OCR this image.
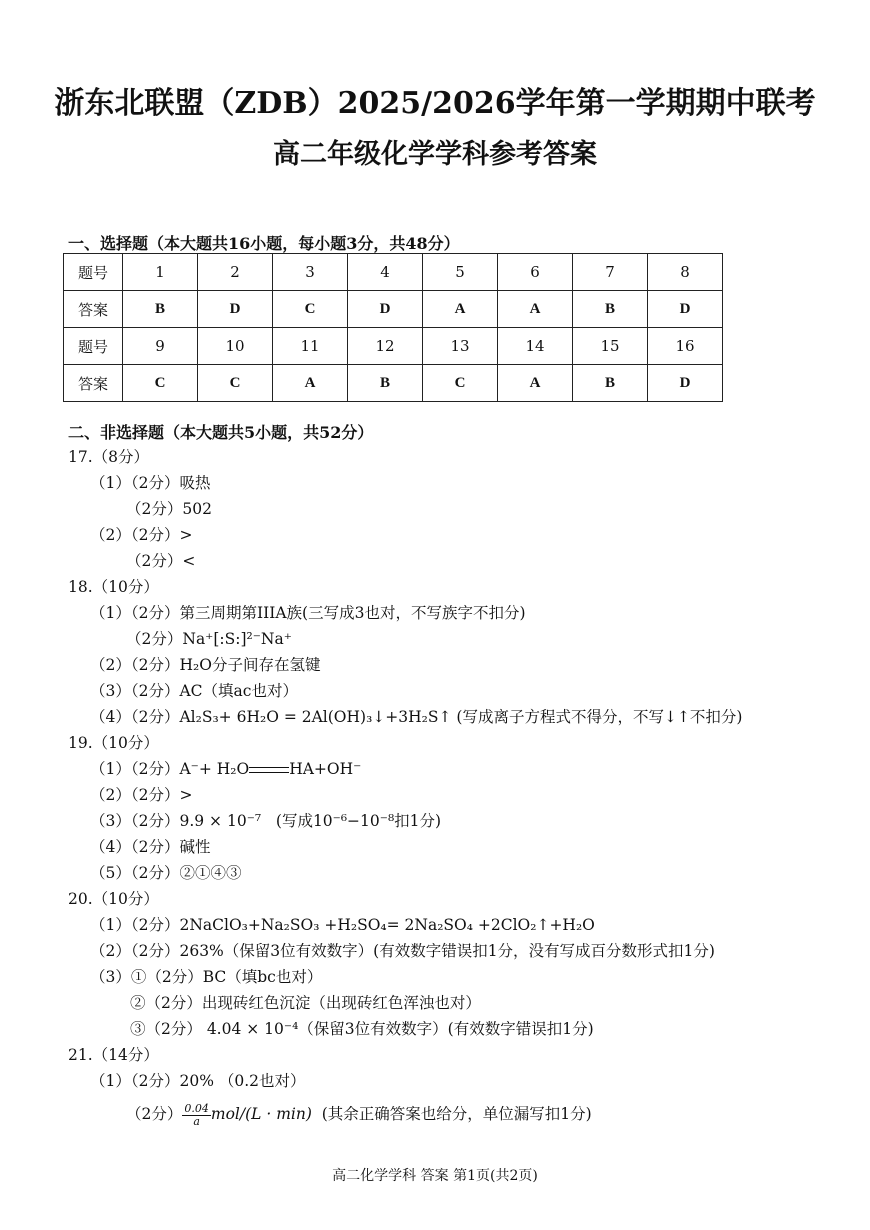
浙东北联盟（ZDB）2025/2026学年第一学期期中联考
高二年级化学学科参考答案
一、选择题（本大题共16小题，每小题3分，共48分）
题号	1	2	3	4	5	6	7	8
答案	B	D	C	D	A	A	B	D
题号	9	10	11	12	13	14	15	16
答案	C	C	A	B	C	A	B	D
二、非选择题（本大题共5小题，共52分）
17.（8分）
（1）（2分）吸热
（2分）502
（2）（2分）>
（2分）<
18.（10分）
（1）（2分）第三周期第IIIA族(三写成3也对，不写族字不扣分)
（2分）Na⁺[:S:]²⁻Na⁺
（2）（2分）H₂O分子间存在氢键
（3）（2分）AC（填ac也对）
（4）（2分）Al₂S₃+ 6H₂O = 2Al(OH)₃↓+3H₂S↑ (写成离子方程式不得分，不写↓↑不扣分)
19.（10分）
（1）（2分）A⁻+ H₂O	HA+OH⁻
（2）（2分）>
（3）（2分）9.9 × 10⁻⁷ (写成10⁻⁶−10⁻⁸扣1分)
（4）（2分）碱性
（5）（2分）②①④③
20.（10分）
（1）（2分）2NaClO₃+Na₂SO₃ +H₂SO₄= 2Na₂SO₄ +2ClO₂↑+H₂O
（2）（2分）263%（保留3位有效数字）(有效数字错误扣1分，没有写成百分数形式扣1分)
（3）①（2分）BC（填bc也对）
②（2分）出现砖红色沉淀（出现砖红色浑浊也对）
③（2分） 4.04 × 10⁻⁴（保留3位有效数字）(有效数字错误扣1分)
21.（14分）
（1）（2分）20% （0.2也对）
（2分） $\frac{0.04}{a} mol/(L \cdot \min)$ (其余正确答案也给分，单位漏写扣1分)
高二化学学科 答案 第1页(共2页)
